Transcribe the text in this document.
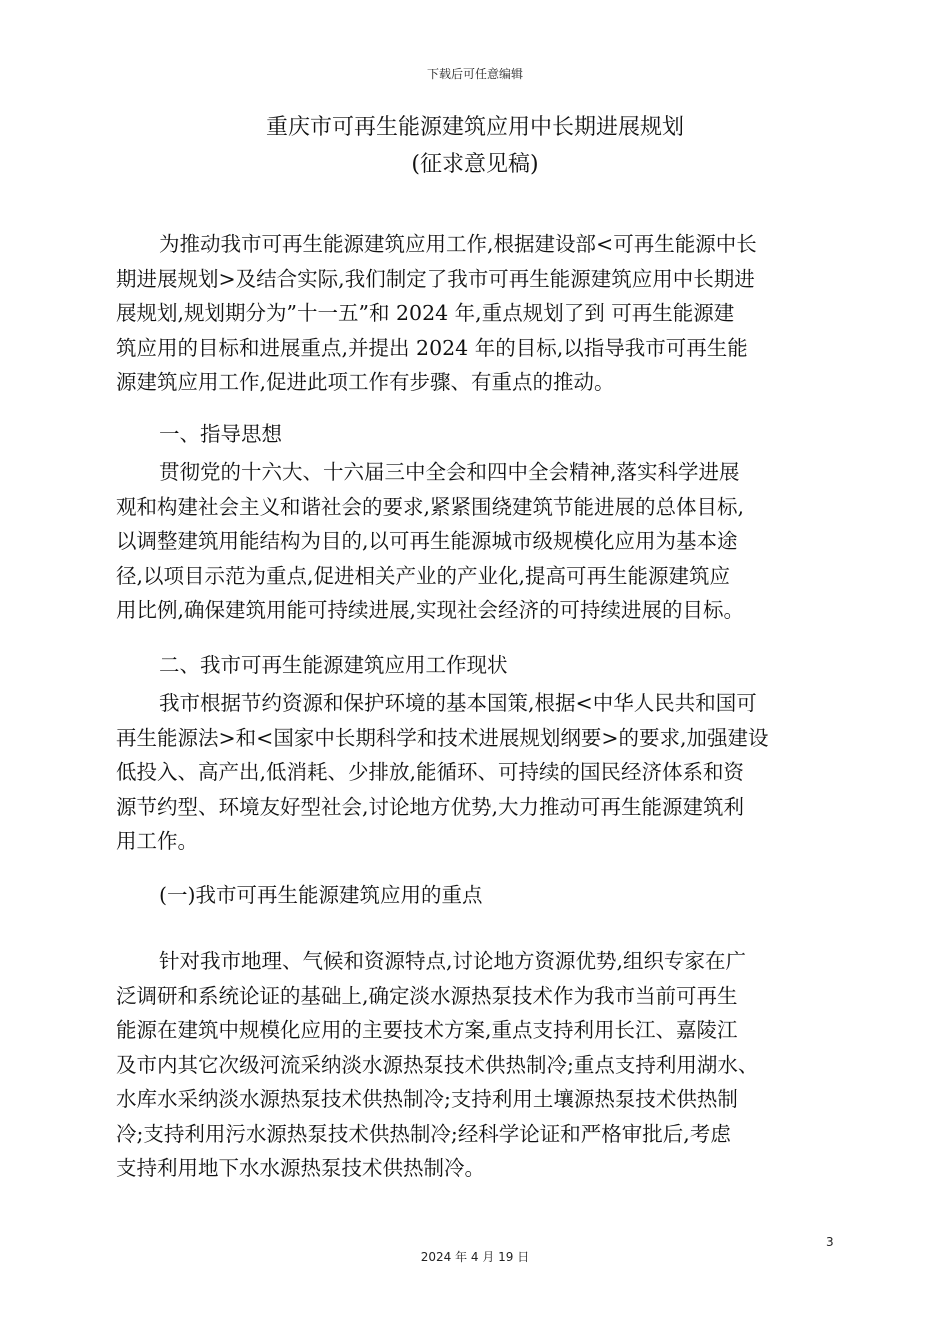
下载后可任意编辑
重庆市可再生能源建筑应用中长期进展规划
(征求意见稿)
为推动我市可再生能源建筑应用工作,根据建设部<可再生能源中长
期进展规划>及结合实际,我们制定了我市可再生能源建筑应用中长期进
展规划,规划期分为”十一五”和 2024 年,重点规划了到 可再生能源建
筑应用的目标和进展重点,并提出 2024 年的目标,以指导我市可再生能
源建筑应用工作,促进此项工作有步骤、有重点的推动。
一、指导思想
贯彻党的十六大、十六届三中全会和四中全会精神,落实科学进展
观和构建社会主义和谐社会的要求,紧紧围绕建筑节能进展的总体目标,
以调整建筑用能结构为目的,以可再生能源城市级规模化应用为基本途
径,以项目示范为重点,促进相关产业的产业化,提高可再生能源建筑应
用比例,确保建筑用能可持续进展,实现社会经济的可持续进展的目标。
二、我市可再生能源建筑应用工作现状
我市根据节约资源和保护环境的基本国策,根据<中华人民共和国可
再生能源法>和<国家中长期科学和技术进展规划纲要>的要求,加强建设
低投入、高产出,低消耗、少排放,能循环、可持续的国民经济体系和资
源节约型、环境友好型社会,讨论地方优势,大力推动可再生能源建筑利
用工作。
(一)我市可再生能源建筑应用的重点
针对我市地理、气候和资源特点,讨论地方资源优势,组织专家在广
泛调研和系统论证的基础上,确定淡水源热泵技术作为我市当前可再生
能源在建筑中规模化应用的主要技术方案,重点支持利用长江、嘉陵江
及市内其它次级河流采纳淡水源热泵技术供热制冷;重点支持利用湖水、
水库水采纳淡水源热泵技术供热制冷;支持利用土壤源热泵技术供热制
冷;支持利用污水源热泵技术供热制冷;经科学论证和严格审批后,考虑
支持利用地下水水源热泵技术供热制冷。
3
2024 年 4 月 19 日
